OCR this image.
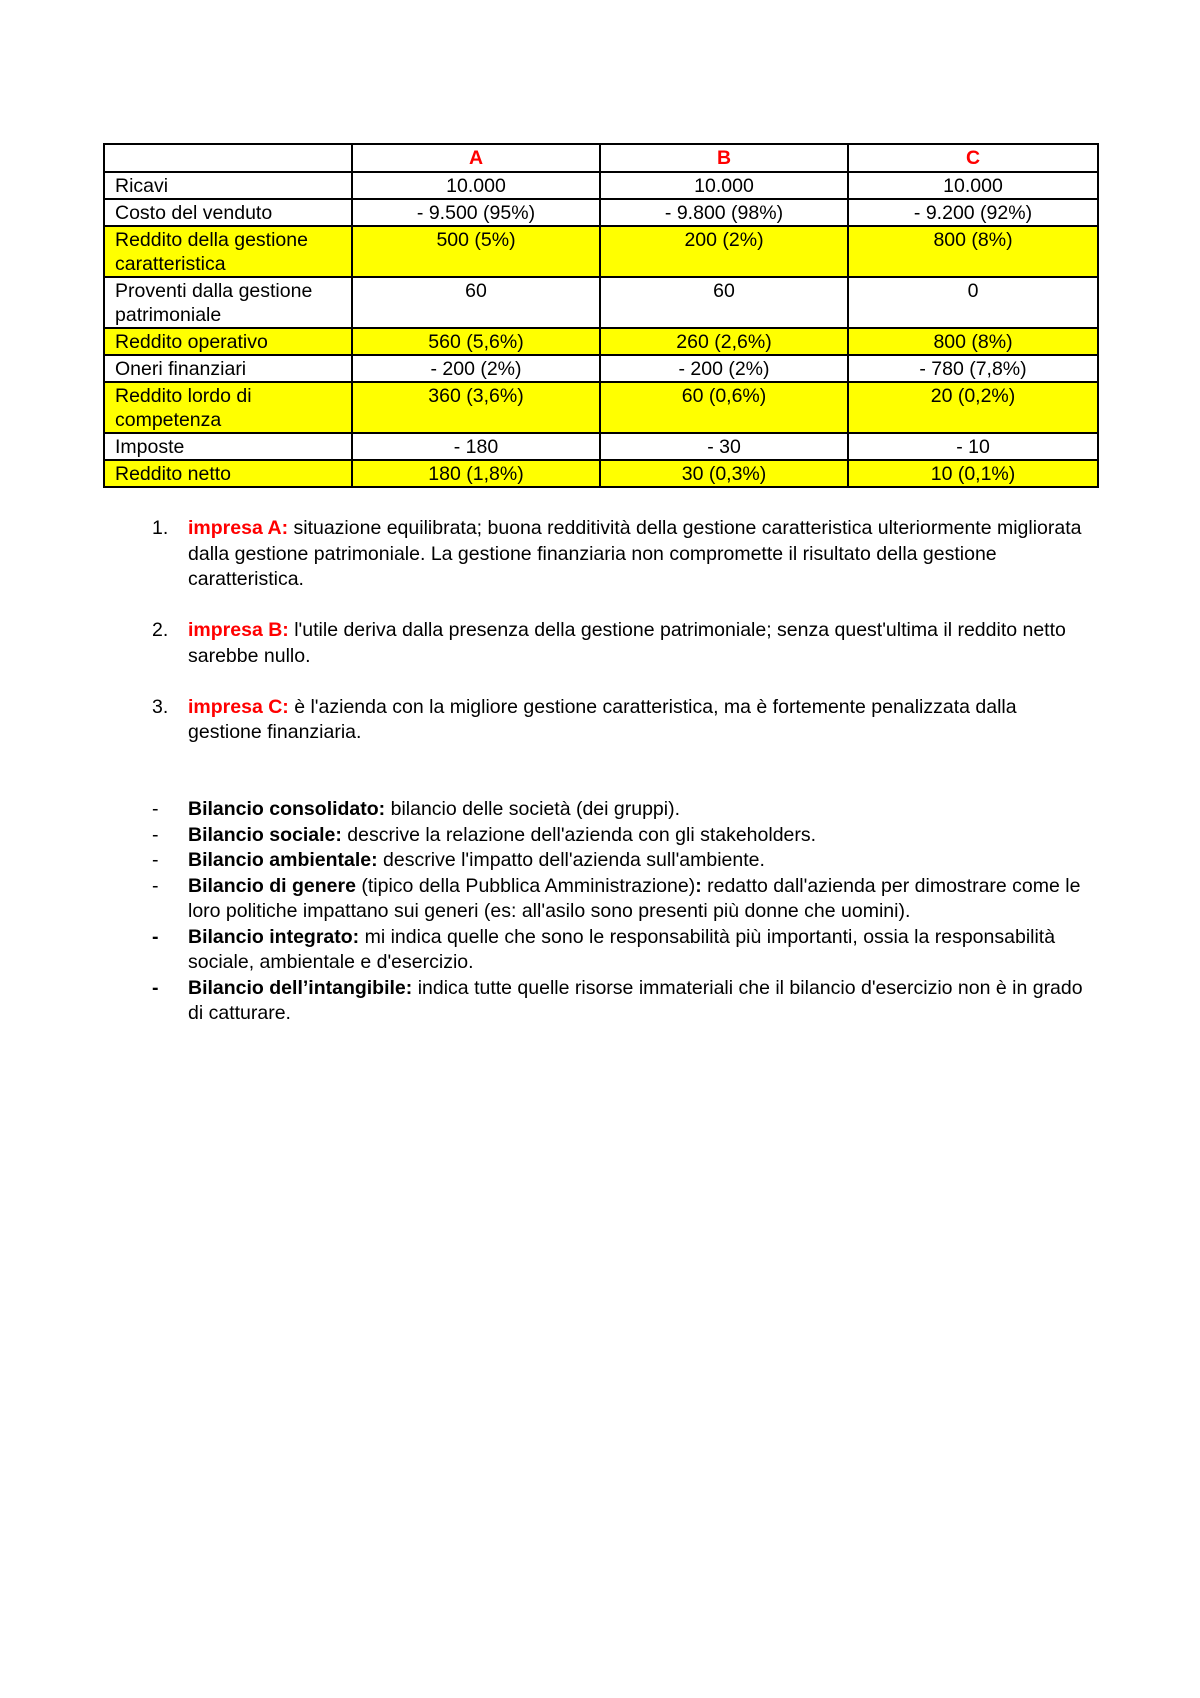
	A	B	C
Ricavi	10.000	10.000	10.000
Costo del venduto	- 9.500 (95%)	- 9.800 (98%)	- 9.200 (92%)
Reddito della gestione caratteristica	500 (5%)	200 (2%)	800 (8%)
Proventi dalla gestione patrimoniale	60	60	0
Reddito operativo	560 (5,6%)	260 (2,6%)	800 (8%)
Oneri finanziari	- 200 (2%)	- 200 (2%)	- 780 (7,8%)
Reddito lordo di competenza	360 (3,6%)	60 (0,6%)	20 (0,2%)
Imposte	- 180	- 30	- 10
Reddito netto	180 (1,8%)	30 (0,3%)	10 (0,1%)
1.	impresa A: situazione equilibrata; buona redditività della gestione caratteristica ulteriormente migliorata dalla gestione patrimoniale. La gestione finanziaria non compromette il risultato della gestione caratteristica.
2.	impresa B: l'utile deriva dalla presenza della gestione patrimoniale; senza quest'ultima il reddito netto sarebbe nullo.
3.	impresa C: è l'azienda con la migliore gestione caratteristica, ma è fortemente penalizzata dalla gestione finanziaria.
-	Bilancio consolidato: bilancio delle società (dei gruppi).
-	Bilancio sociale: descrive la relazione dell'azienda con gli stakeholders.
-	Bilancio ambientale: descrive l'impatto dell'azienda sull'ambiente.
-	Bilancio di genere (tipico della Pubblica Amministrazione): redatto dall'azienda per dimostrare come le loro politiche impattano sui generi (es: all'asilo sono presenti più donne che uomini).
-	Bilancio integrato: mi indica quelle che sono le responsabilità più importanti, ossia la responsabilità sociale, ambientale e d'esercizio.
-	Bilancio dell’intangibile: indica tutte quelle risorse immateriali che il bilancio d'esercizio non è in grado di catturare.
